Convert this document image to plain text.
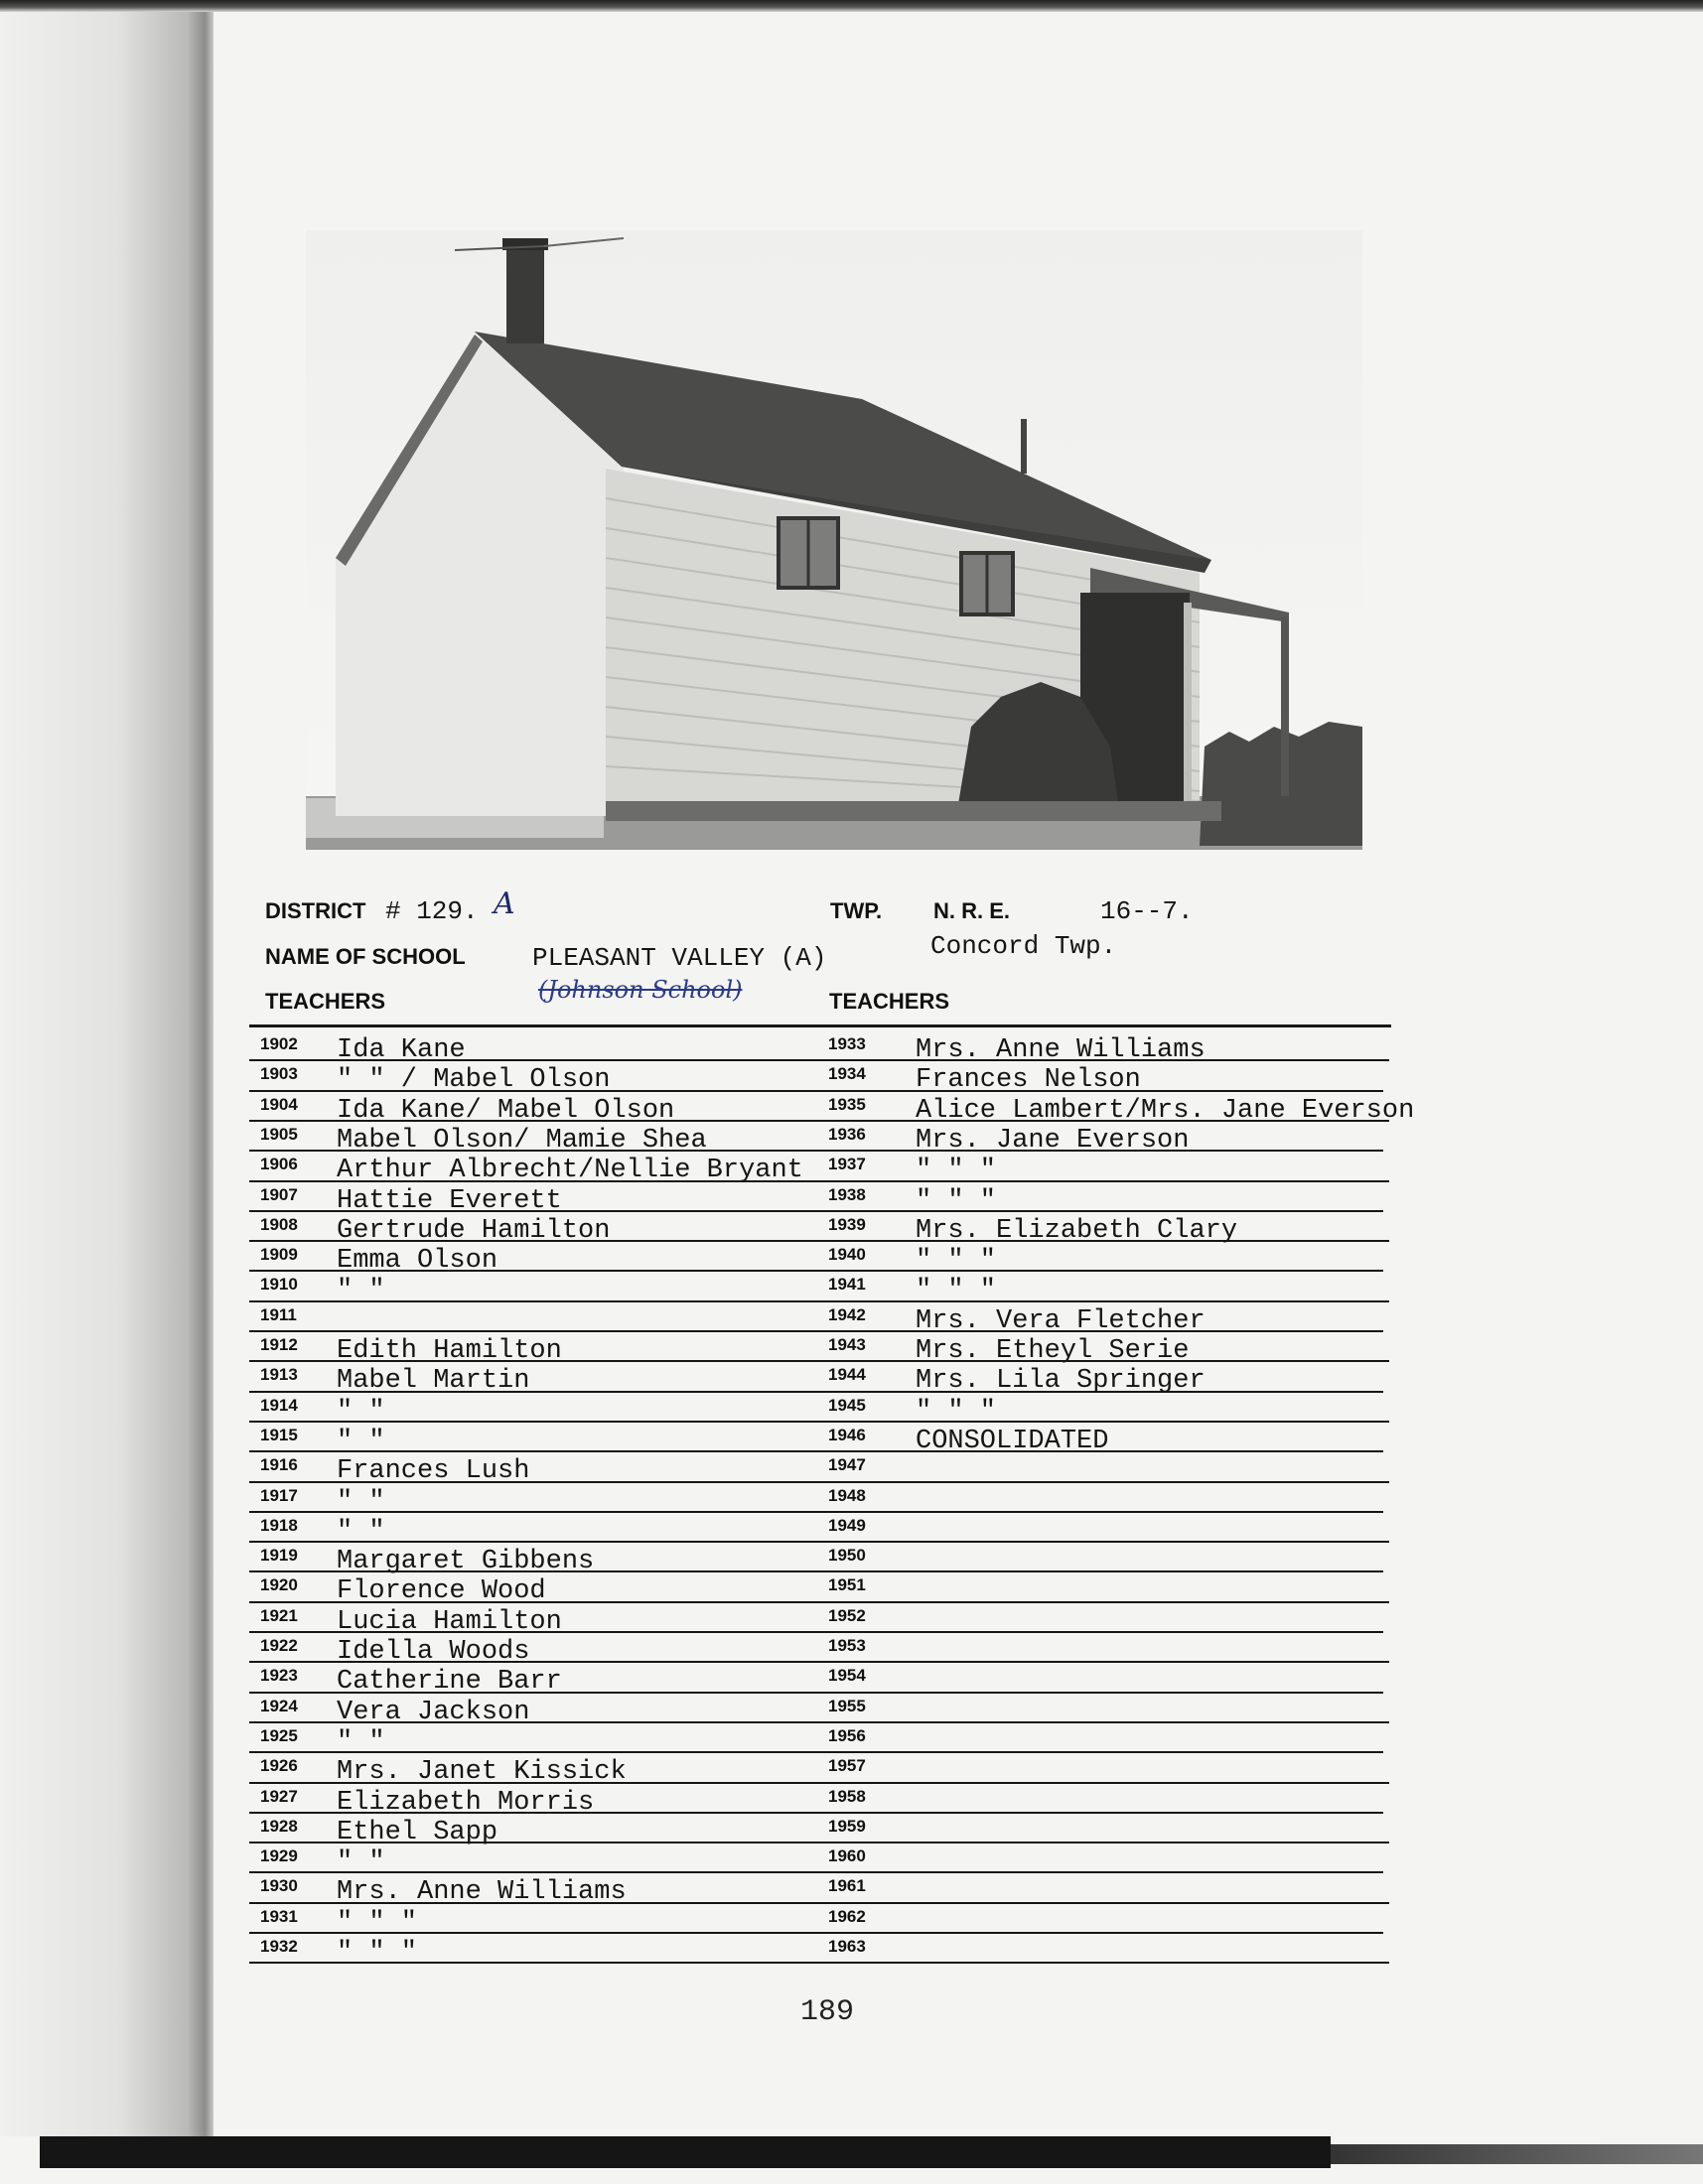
DISTRICT # 129. A	TWP. N. R. E.	16--7.
Concord Twp.
NAME OF SCHOOL	PLEASANT VALLEY (A)
(Johnson School)
TEACHERS	TEACHERS
1902 Ida Kane	1933 Mrs. Anne Williams
1903 " " / Mabel Olson	1934 Frances Nelson
1904 Ida Kane/ Mabel Olson	1935 Alice Lambert/Mrs. Jane Everson
1905 Mabel Olson/ Mamie Shea	1936 Mrs. Jane Everson
1906 Arthur Albrecht/Nellie Bryant 1937 " " "
1907 Hattie Everett	1938 " " "
1908 Gertrude Hamilton	1939 Mrs. Elizabeth Clary
1909 Emma Olson	1940 " " "
1910 " "	1941 " " "
1911	1942 Mrs. Vera Fletcher
1912 Edith Hamilton	1943 Mrs. Etheyl Serie
1913 Mabel Martin	1944 Mrs. Lila Springer
1914 " "	1945 " " "
1915 " "	1946 CONSOLIDATED
1916 Frances Lush	1947
1917 " "	1948
1918 " "	1949
1919 Margaret Gibbens	1950
1920 Florence Wood	1951
1921 Lucia Hamilton	1952
1922 Idella Woods	1953
1923 Catherine Barr	1954
1924 Vera Jackson	1955
1925 " "	1956
1926 Mrs. Janet Kissick	1957
1927 Elizabeth Morris	1958
1928 Ethel Sapp	1959
1929 " "	1960
1930 Mrs. Anne Williams	1961
1931 " " "	1962
1932 " " "	1963
189
